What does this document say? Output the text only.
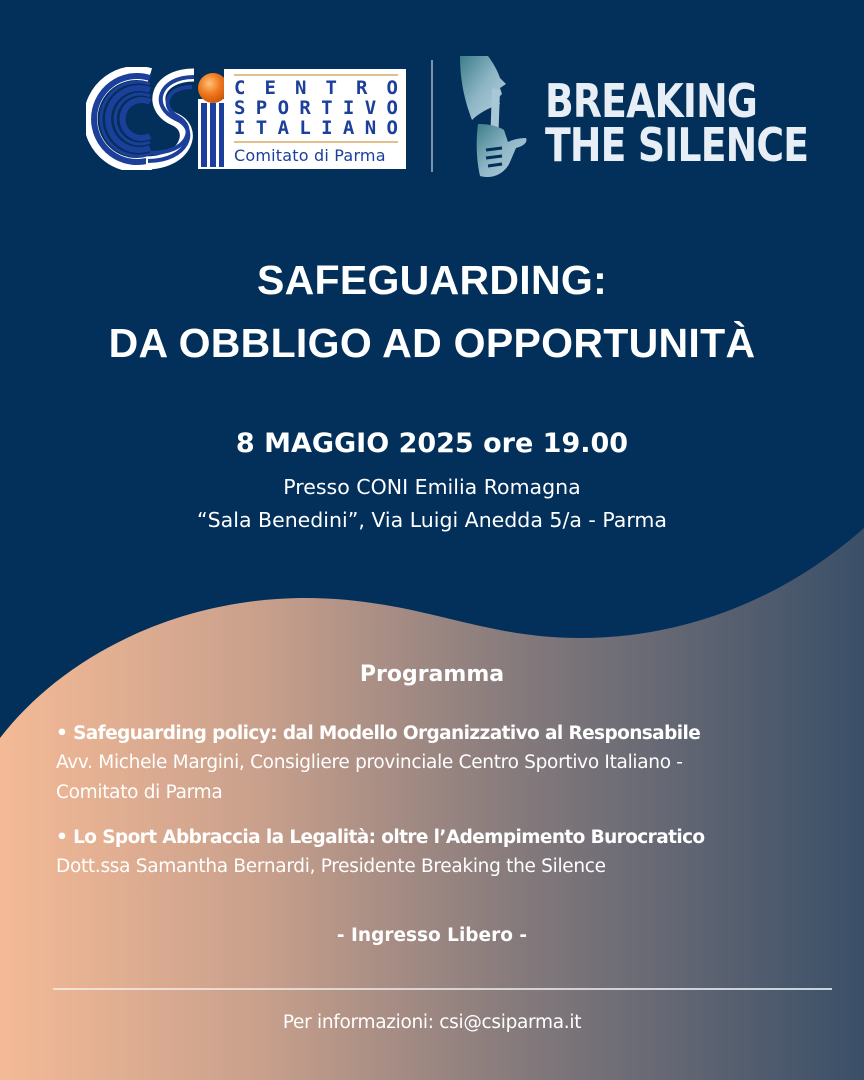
C E N T R O
S P O R T I V O
I T A L I A N O
Comitato di Parma
BREAKING
THE SILENCE
SAFEGUARDING:
DA OBBLIGO AD OPPORTUNITÀ
8 MAGGIO 2025 ore 19.00
Presso CONI Emilia Romagna
“Sala Benedini”, Via Luigi Anedda 5/a - Parma
Programma
• Safeguarding policy: dal Modello Organizzativo al Responsabile
Avv. Michele Margini, Consigliere provinciale Centro Sportivo Italiano -
Comitato di Parma
• Lo Sport Abbraccia la Legalità: oltre l’Adempimento Burocratico
Dott.ssa Samantha Bernardi, Presidente Breaking the Silence
- Ingresso Libero -
Per informazioni: csi@csiparma.it
